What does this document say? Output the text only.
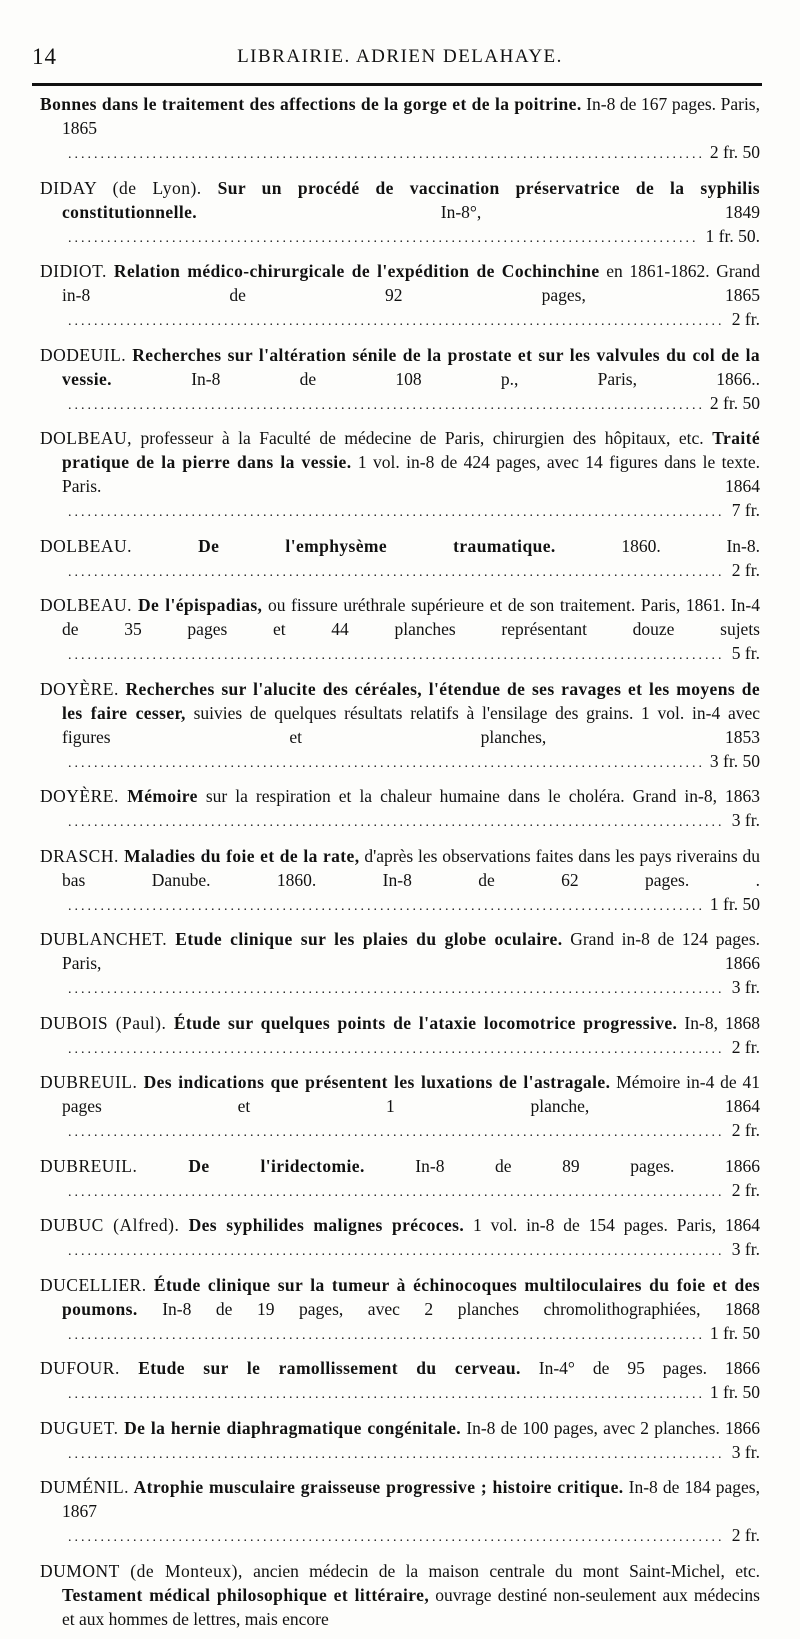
14	LIBRAIRIE. ADRIEN DELAHAYE.
Bonnes dans le traitement des affections de la gorge et de la poitrine. In-8 de 167 pages. Paris, 1865
.....
2 fr. 50
DIDAY (de Lyon). Sur un procédé de vaccination préservatrice de la syphilis constitutionnelle. In-8°, 1849
.....
1 fr. 50.
DIDIOT. Relation médico-chirurgicale de l'expédition de Cochinchine en 1861-1862. Grand in-8 de 92 pages, 1865
.....
2 fr.
DODEUIL. Recherches sur l'altération sénile de la prostate et sur les valvules du col de la vessie. In-8 de 108 p., Paris, 1866..
.....
2 fr. 50
DOLBEAU, professeur à la Faculté de médecine de Paris, chirurgien des hôpitaux, etc. Traité pratique de la pierre dans la vessie. 1 vol. in-8 de 424 pages, avec 14 figures dans le texte. Paris. 1864
.....
7 fr.
DOLBEAU. De l'emphysème traumatique. 1860. In-8.
.....
2 fr.
DOLBEAU. De l'épispadias, ou fissure uréthrale supérieure et de son traitement. Paris, 1861. In-4 de 35 pages et 44 planches représentant douze sujets
.....
5 fr.
DOYÈRE. Recherches sur l'alucite des céréales, l'étendue de ses ravages et les moyens de les faire cesser, suivies de quelques résultats relatifs à l'ensilage des grains. 1 vol. in-4 avec figures et planches, 1853
.....
3 fr. 50
DOYÈRE. Mémoire sur la respiration et la chaleur humaine dans le choléra. Grand in-8, 1863
.....
3 fr.
DRASCH. Maladies du foie et de la rate, d'après les observations faites dans les pays riverains du bas Danube. 1860. In-8 de 62 pages. .
.....
1 fr. 50
DUBLANCHET. Etude clinique sur les plaies du globe oculaire. Grand in-8 de 124 pages. Paris, 1866
.....
3 fr.
DUBOIS (Paul). Étude sur quelques points de l'ataxie locomotrice progressive. In-8, 1868
.....
2 fr.
DUBREUIL. Des indications que présentent les luxations de l'astragale. Mémoire in-4 de 41 pages et 1 planche, 1864
.....
2 fr.
DUBREUIL. De l'iridectomie. In-8 de 89 pages. 1866
.....
2 fr.
DUBUC (Alfred). Des syphilides malignes précoces. 1 vol. in-8 de 154 pages. Paris, 1864
.....
3 fr.
DUCELLIER. Étude clinique sur la tumeur à échinocoques multiloculaires du foie et des poumons. In-8 de 19 pages, avec 2 planches chromolithographiées, 1868
.....
1 fr. 50
DUFOUR. Etude sur le ramollissement du cerveau. In-4° de 95 pages. 1866
.....
1 fr. 50
DUGUET. De la hernie diaphragmatique congénitale. In-8 de 100 pages, avec 2 planches. 1866
.....
3 fr.
DUMÉNIL. Atrophie musculaire graisseuse progressive ; histoire critique. In-8 de 184 pages, 1867
.....
2 fr.
DUMONT (de Monteux), ancien médecin de la maison centrale du mont Saint-Michel, etc. Testament médical philosophique et littéraire, ouvrage destiné non-seulement aux médecins et aux hommes de lettres, mais encore
